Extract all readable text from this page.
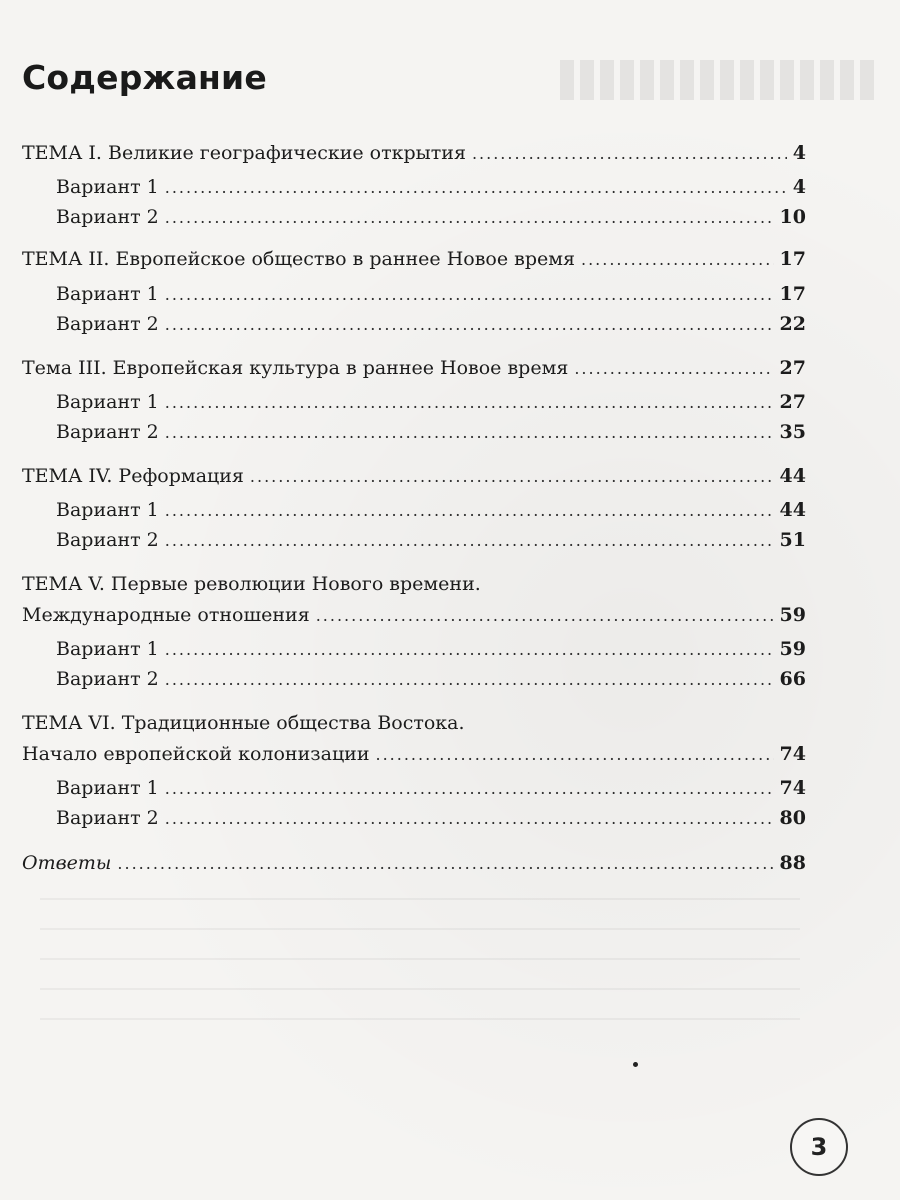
Содержание
ТЕМА I. Великие географические открытия .....	4
Вариант 1 .....	4
Вариант 2 .....	10
ТЕМА II. Европейское общество в раннее Новое время .....	17
Вариант 1 .....	17
Вариант 2 .....	22
Тема III. Европейская культура в раннее Новое время .....	27
Вариант 1 .....	27
Вариант 2 .....	35
ТЕМА IV. Реформация .....	44
Вариант 1 .....	44
Вариант 2 .....	51
ТЕМА V. Первые революции Нового времени.
Международные отношения .....	59
Вариант 1 .....	59
Вариант 2 .....	66
ТЕМА VI. Традиционные общества Востока.
Начало европейской колонизации .....	74
Вариант 1 .....	74
Вариант 2 .....	80
Ответы .....	88
3
